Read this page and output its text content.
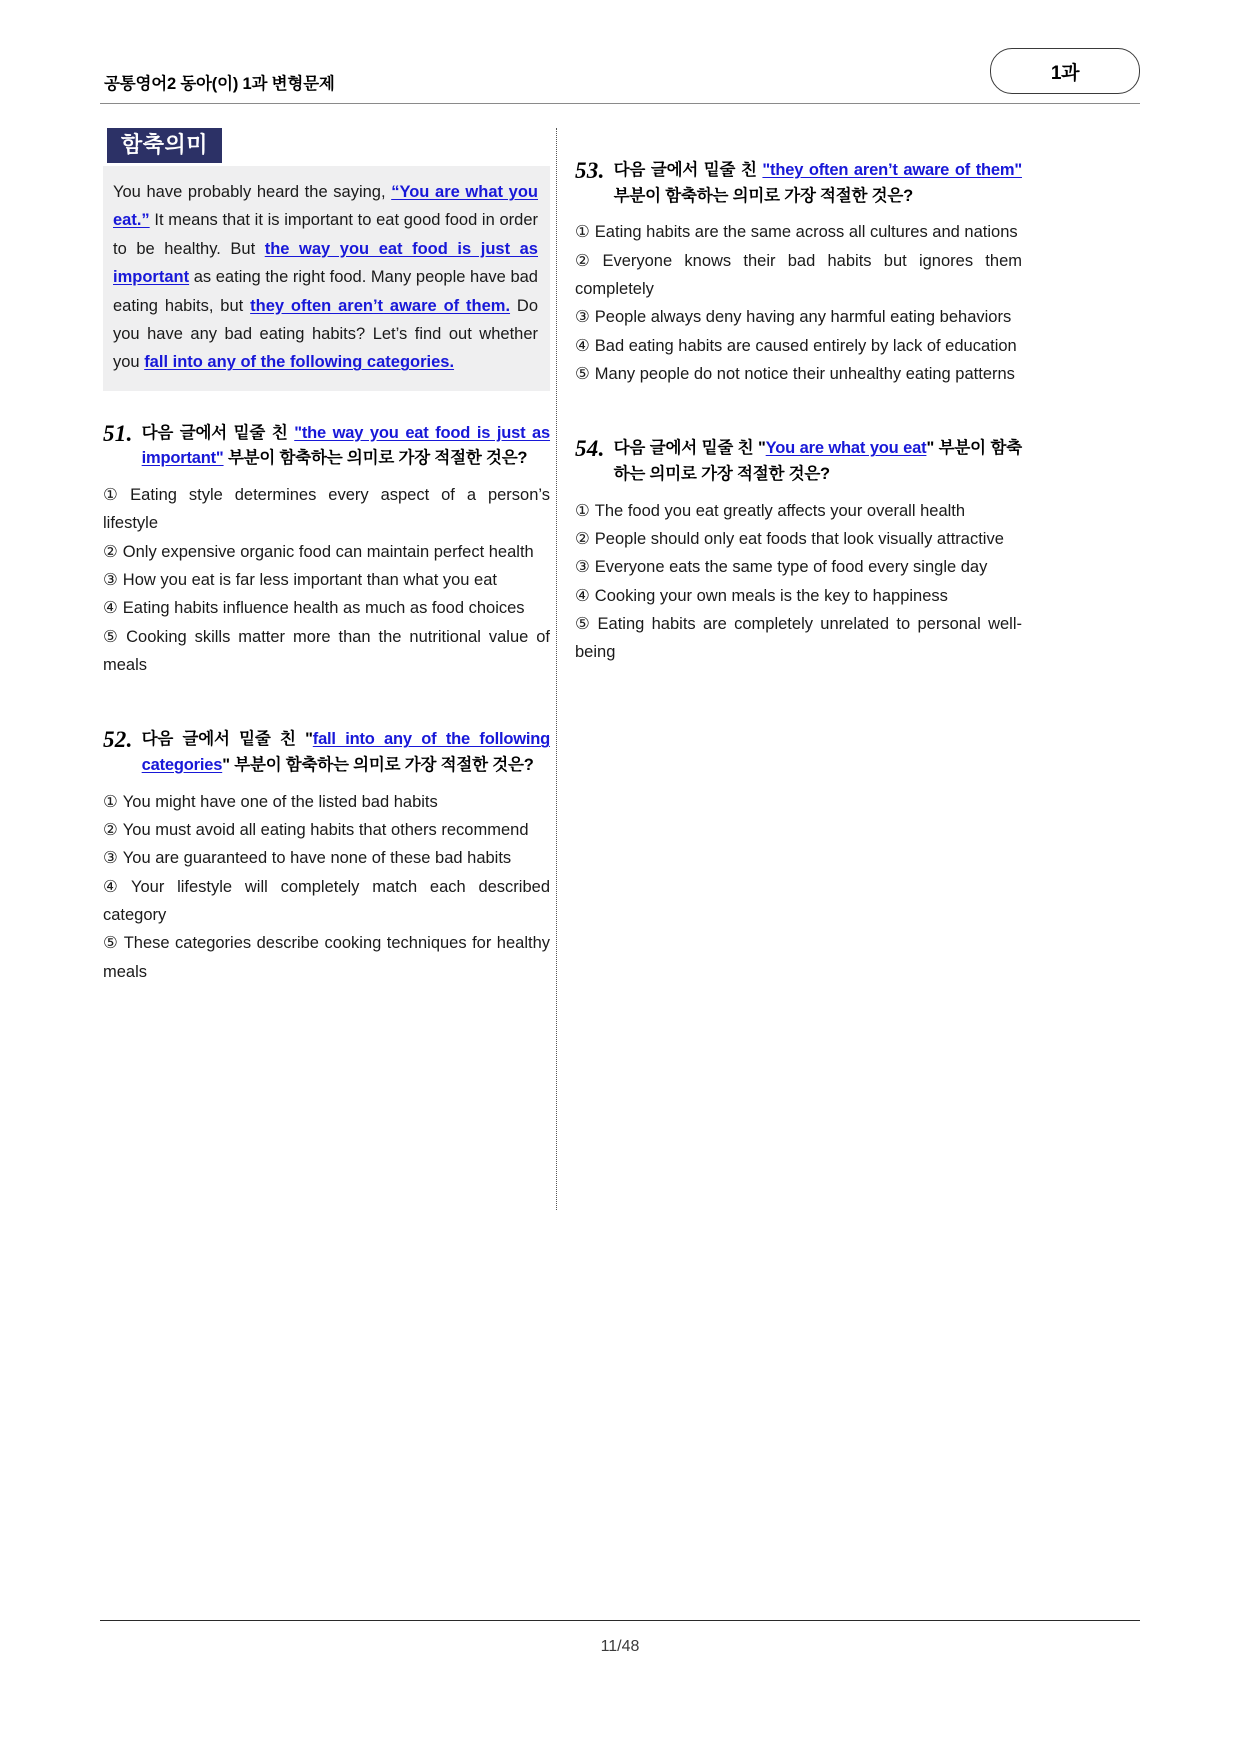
공통영어2 동아(이) 1과 변형문제
1과
함축의미
You have probably heard the saying, “You are what you eat.” It means that it is important to eat good food in order to be healthy. But the way you eat food is just as important as eating the right food. Many people have bad eating habits, but they often aren’t aware of them. Do you have any bad eating habits? Let’s find out whether you fall into any of the following categories.
51. 다음 글에서 밑줄 친 "the way you eat food is just as important" 부분이 함축하는 의미로 가장 적절한 것은?

① Eating style determines every aspect of a person’s lifestyle

② Only expensive organic food can maintain perfect health

③ How you eat is far less important than what you eat

④ Eating habits influence health as much as food choices

⑤ Cooking skills matter more than the nutritional value of meals

52. 다음 글에서 밑줄 친 "fall into any of the following categories" 부분이 함축하는 의미로 가장 적절한 것은?

① You might have one of the listed bad habits

② You must avoid all eating habits that others recommend

③ You are guaranteed to have none of these bad habits

④ Your lifestyle will completely match each described category

⑤ These categories describe cooking techniques for healthy meals

53. 다음 글에서 밑줄 친 "they often aren’t aware of them" 부분이 함축하는 의미로 가장 적절한 것은?

① Eating habits are the same across all cultures and nations

② Everyone knows their bad habits but ignores them completely

③ People always deny having any harmful eating behaviors

④ Bad eating habits are caused entirely by lack of education

⑤ Many people do not notice their unhealthy eating patterns

54. 다음 글에서 밑줄 친 "You are what you eat" 부분이 함축하는 의미로 가장 적절한 것은?

① The food you eat greatly affects your overall health

② People should only eat foods that look visually attractive

③ Everyone eats the same type of food every single day

④ Cooking your own meals is the key to happiness

⑤ Eating habits are completely unrelated to personal well-being

11/48
